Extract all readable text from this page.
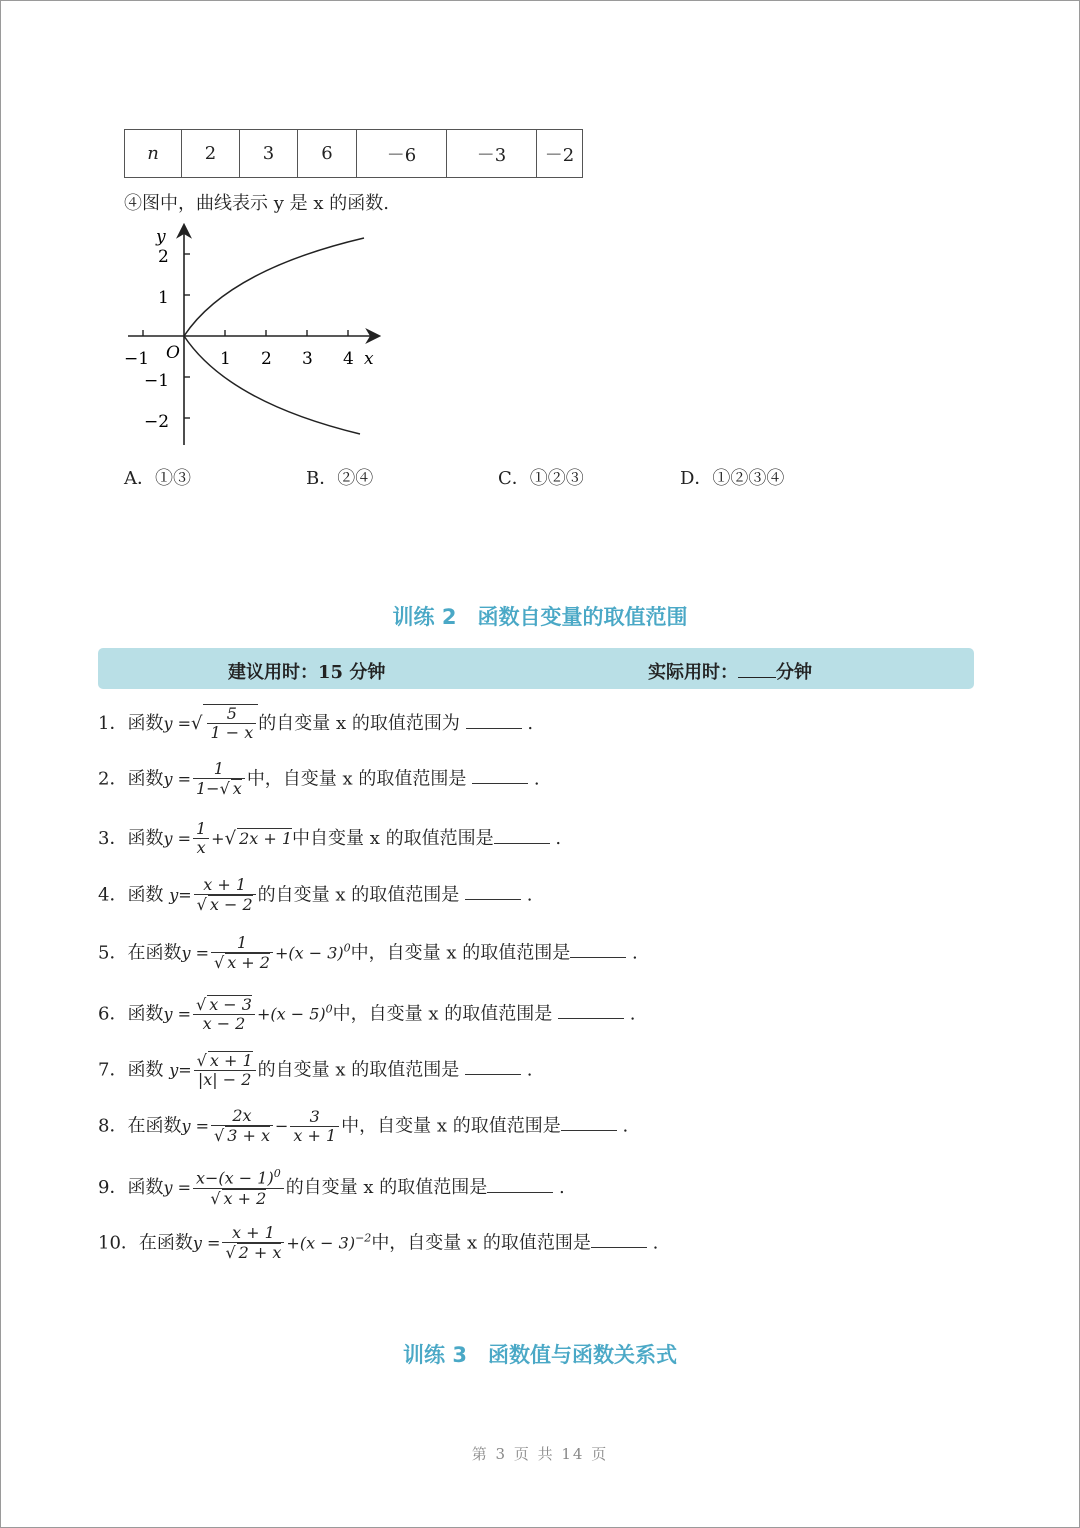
n	2	3	6	－6	－3	－2
④图中，曲线表示 y 是 x 的函数.
y
x
O
2
1
−1
−2
−1	1 2 3 4
A．①③	B．②④	C．①②③	D．①②③④
训练 2　函数自变量的取值范围
建议用时：15 分钟	实际用时： 分钟
1．函数y =√ $\frac{5}{1 - x}$ 的自变量 x 的取值范围为	.
2．函数$y = \frac{1}{1-√ x}$ 中，自变量 x 的取值范围是	.
3．函数$y = \frac{1}{x}$ +√ 2x + 1中自变量 x 的取值范围是	.
4．函数 $y= \frac{x + 1}{√ x - 2}$ 的自变量 x 的取值范围是	.
5．在函数$y = \frac{1}{√ x + 2} +(x - 3)^0$中，自变量 x 的取值范围是	.
6．函数$y = \frac{√ x - 3}{x - 2} +(x - 5)^0$中，自变量 x 的取值范围是	.
7．函数 $y= \frac{√ x + 1}{|x| - 2}$ 的自变量 x 的取值范围是	.
8．在函数$y = \frac{2x}{√ 3 + x} - \frac{3}{x + 1}$ 中，自变量 x 的取值范围是	.
9．函数$y = \frac{x-(x - 1)^0}{√ x + 2}$ 的自变量 x 的取值范围是	.
10．在函数$y = \frac{x + 1}{√ 2 + x} +(x - 3)^{-2}$中，自变量 x 的取值范围是	.
训练 3　函数值与函数关系式
第 3 页 共 14 页
